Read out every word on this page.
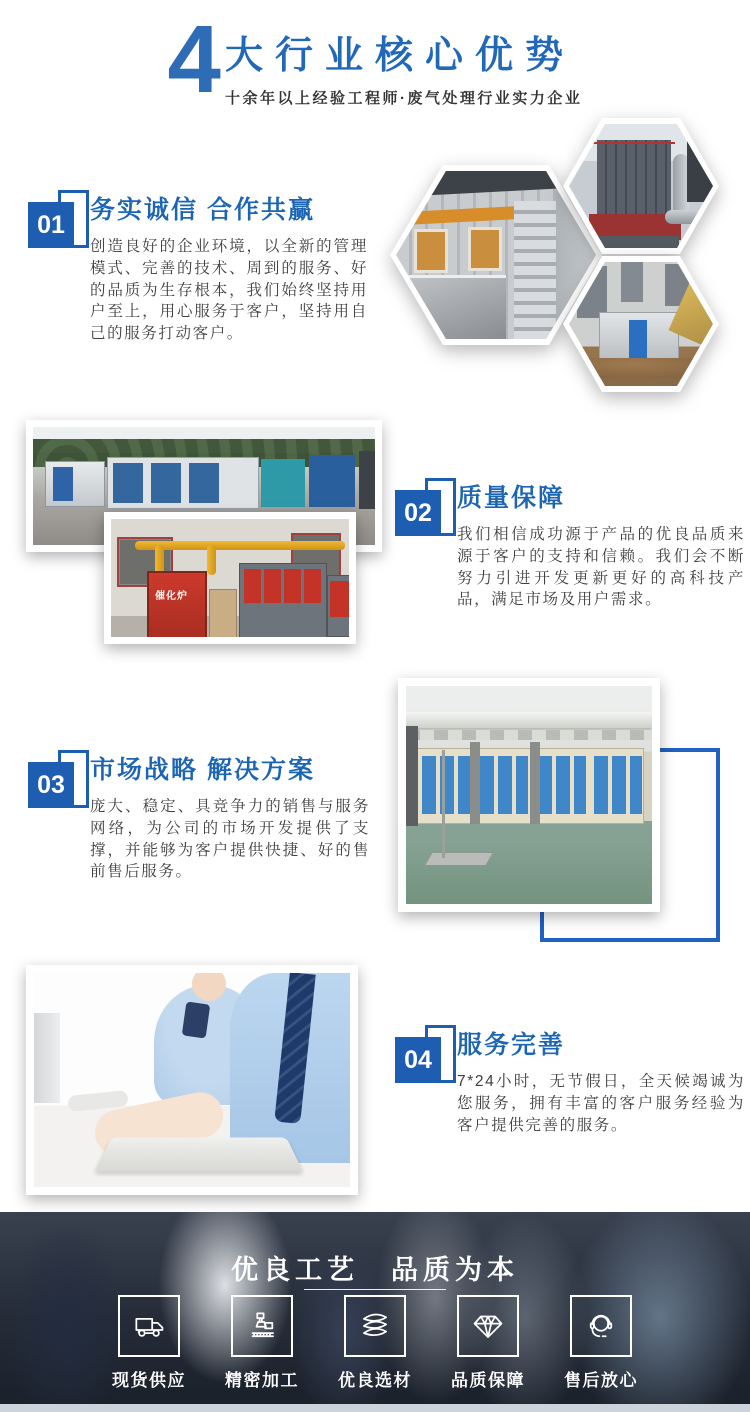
4 大行业核心优势
十余年以上经验工程师·废气处理行业实力企业
01
务实诚信 合作共赢

创造良好的企业环境，以全新的管理模式、完善的技术、周到的服务、好的品质为生存根本，我们始终坚持用户至上，用心服务于客户，坚持用自己的服务打动客户。

催化炉
02
质量保障

我们相信成功源于产品的优良品质来源于客户的支持和信赖。我们会不断努力引进开发更新更好的高科技产品，满足市场及用户需求。

03
市场战略 解决方案

庞大、稳定、具竞争力的销售与服务网络，为公司的市场开发提供了支撑，并能够为客户提供快捷、好的售前售后服务。

04
服务完善

7*24小时，无节假日，全天候竭诚为您服务，拥有丰富的客户服务经验为客户提供完善的服务。

优良工艺　品质为本
现货供应 精密加工 优良选材 品质保障 售后放心
